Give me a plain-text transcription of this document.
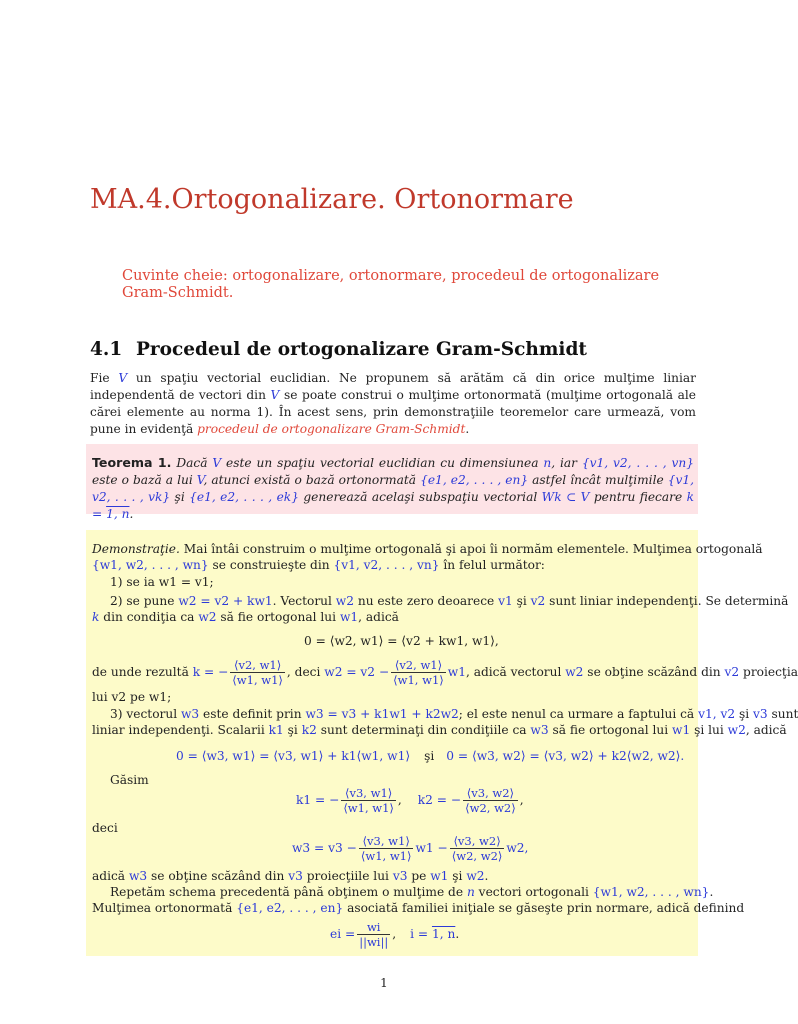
MA.4.Ortogonalizare. Ortonormare
Cuvinte cheie: ortogonalizare, ortonormare, procedeul de ortogonalizare Gram-Schmidt.
4.1 Procedeul de ortogonalizare Gram-Schmidt
Fie V un spaţiu vectorial euclidian. Ne propunem să arătăm că din orice mulţime liniar independentă de vectori din V se poate construi o mulţime ortonormată (mulţime ortogonală ale cărei elemente au norma 1). În acest sens, prin demonstraţiile teoremelor care urmează, vom pune in evidenţă procedeul de ortogonalizare Gram-Schmidt.
Teorema 1. Dacă V este un spaţiu vectorial euclidian cu dimensiunea n, iar {v1, v2, . . . , vn} este o bază a lui V, atunci există o bază ortonormată {e1, e2, . . . , en} astfel încât mulţimile {v1, v2, . . . , vk} şi {e1, e2, . . . , ek} generează acelaşi subspaţiu vectorial Wk ⊂ V pentru fiecare k = 1, n.
Demonstraţie. Mai întâi construim o mulţime ortogonală şi apoi îi normăm elementele. Mulţimea ortogonală
{w1, w2, . . . , wn} se construieşte din {v1, v2, . . . , vn} în felul următor:
1) se ia w1 = v1;
2) se pune w2 = v2 + kw1. Vectorul w2 nu este zero deoarece v1 şi v2 sunt liniar independenţi. Se determină
k din condiţia ca w2 să fie ortogonal lui w1, adică
0 = ⟨w2, w1⟩ = ⟨v2 + kw1, w1⟩,
de unde rezultă k = − $\frac{⟨v2, w1⟩}{⟨w1, w1⟩}$ , deci $w2 = v2 - \frac{⟨v2, w1⟩}{⟨w1, w1⟩} w1$, adică vectorul w2 se obţine scăzând din v2 proiecţia
lui v2 pe w1;
3) vectorul w3 este definit prin w3 = v3 + k1w1 + k2w2; el este nenul ca urmare a faptului că v1, v2 şi v3 sunt
liniar independenţi. Scalarii k1 şi k2 sunt determinaţi din condiţiile ca w3 să fie ortogonal lui w1 şi lui w2, adică
0 = ⟨w3, w1⟩ = ⟨v3, w1⟩ + k1⟨w1, w1⟩ şi 0 = ⟨w3, w2⟩ = ⟨v3, w2⟩ + k2⟨w2, w2⟩.
Găsim
k1 = − $\frac{⟨v3, w1⟩}{⟨w1, w1⟩}$ , k2 = − $\frac{⟨v3, w2⟩}{⟨w2, w2⟩}$ ,
deci
$w3 = v3 - \frac{⟨v3, w1⟩}{⟨w1, w1⟩} w1 - \frac{⟨v3, w2⟩}{⟨w2, w2⟩} w2$,
adică w3 se obţine scăzând din v3 proiecţiile lui v3 pe w1 şi w2.
Repetăm schema precedentă până obţinem o mulţime de n vectori ortogonali {w1, w2, . . . , wn}.
Mulţimea ortonormată {e1, e2, . . . , en} asociată familiei iniţiale se găseşte prin normare, adică definind
ei = $\frac{wi}{||wi||}$ , i = 1, n.
1
